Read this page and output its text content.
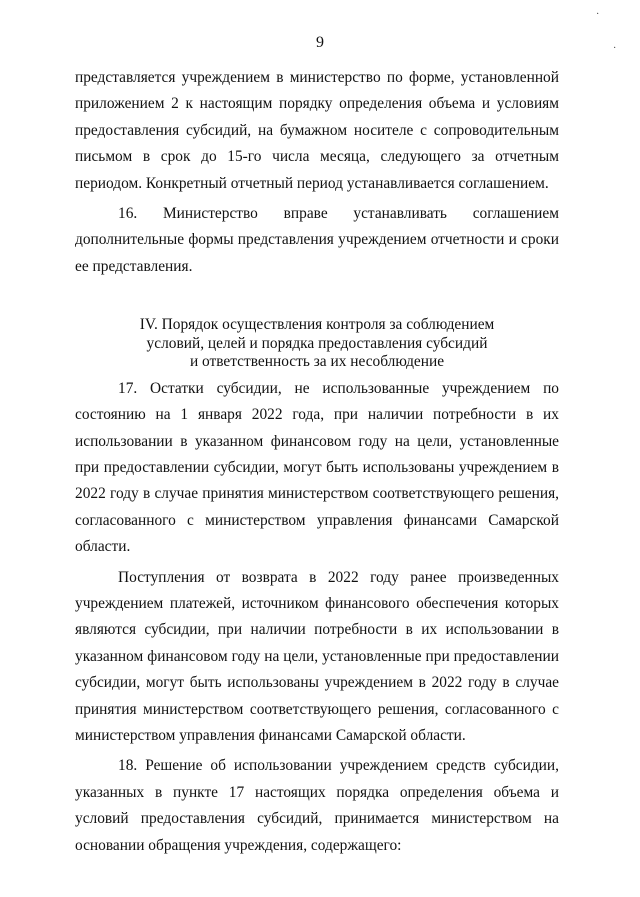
·
·
9

представляется учреждением в министерство по форме, установленной приложением 2 к настоящим порядку определения объема и условиям предоставления субсидий, на бумажном носителе с сопроводительным письмом в срок до 15-го числа месяца, следующего за отчетным периодом. Конкретный отчетный период устанавливается соглашением.

16. Министерство вправе устанавливать соглашением дополнительные формы представления учреждением отчетности и сроки ее представления.

IV. Порядок осуществления контроля за соблюдением
условий, целей и порядка предоставления субсидий
и ответственность за их несоблюдение

17. Остатки субсидии, не использованные учреждением по состоянию на 1 января 2022 года, при наличии потребности в их использовании в указанном финансовом году на цели, установленные при предоставлении субсидии, могут быть использованы учреждением в 2022 году в случае принятия министерством соответствующего решения, согласованного с министерством управления финансами Самарской области.

Поступления от возврата в 2022 году ранее произведенных учреждением платежей, источником финансового обеспечения которых являются субсидии, при наличии потребности в их использовании в указанном финансовом году на цели, установленные при предоставлении субсидии, могут быть использованы учреждением в 2022 году в случае принятия министерством соответствующего решения, согласованного с министерством управления финансами Самарской области.

18. Решение об использовании учреждением средств субсидии, указанных в пункте 17 настоящих порядка определения объема и условий предоставления субсидий, принимается министерством на основании обращения учреждения, содержащего:
